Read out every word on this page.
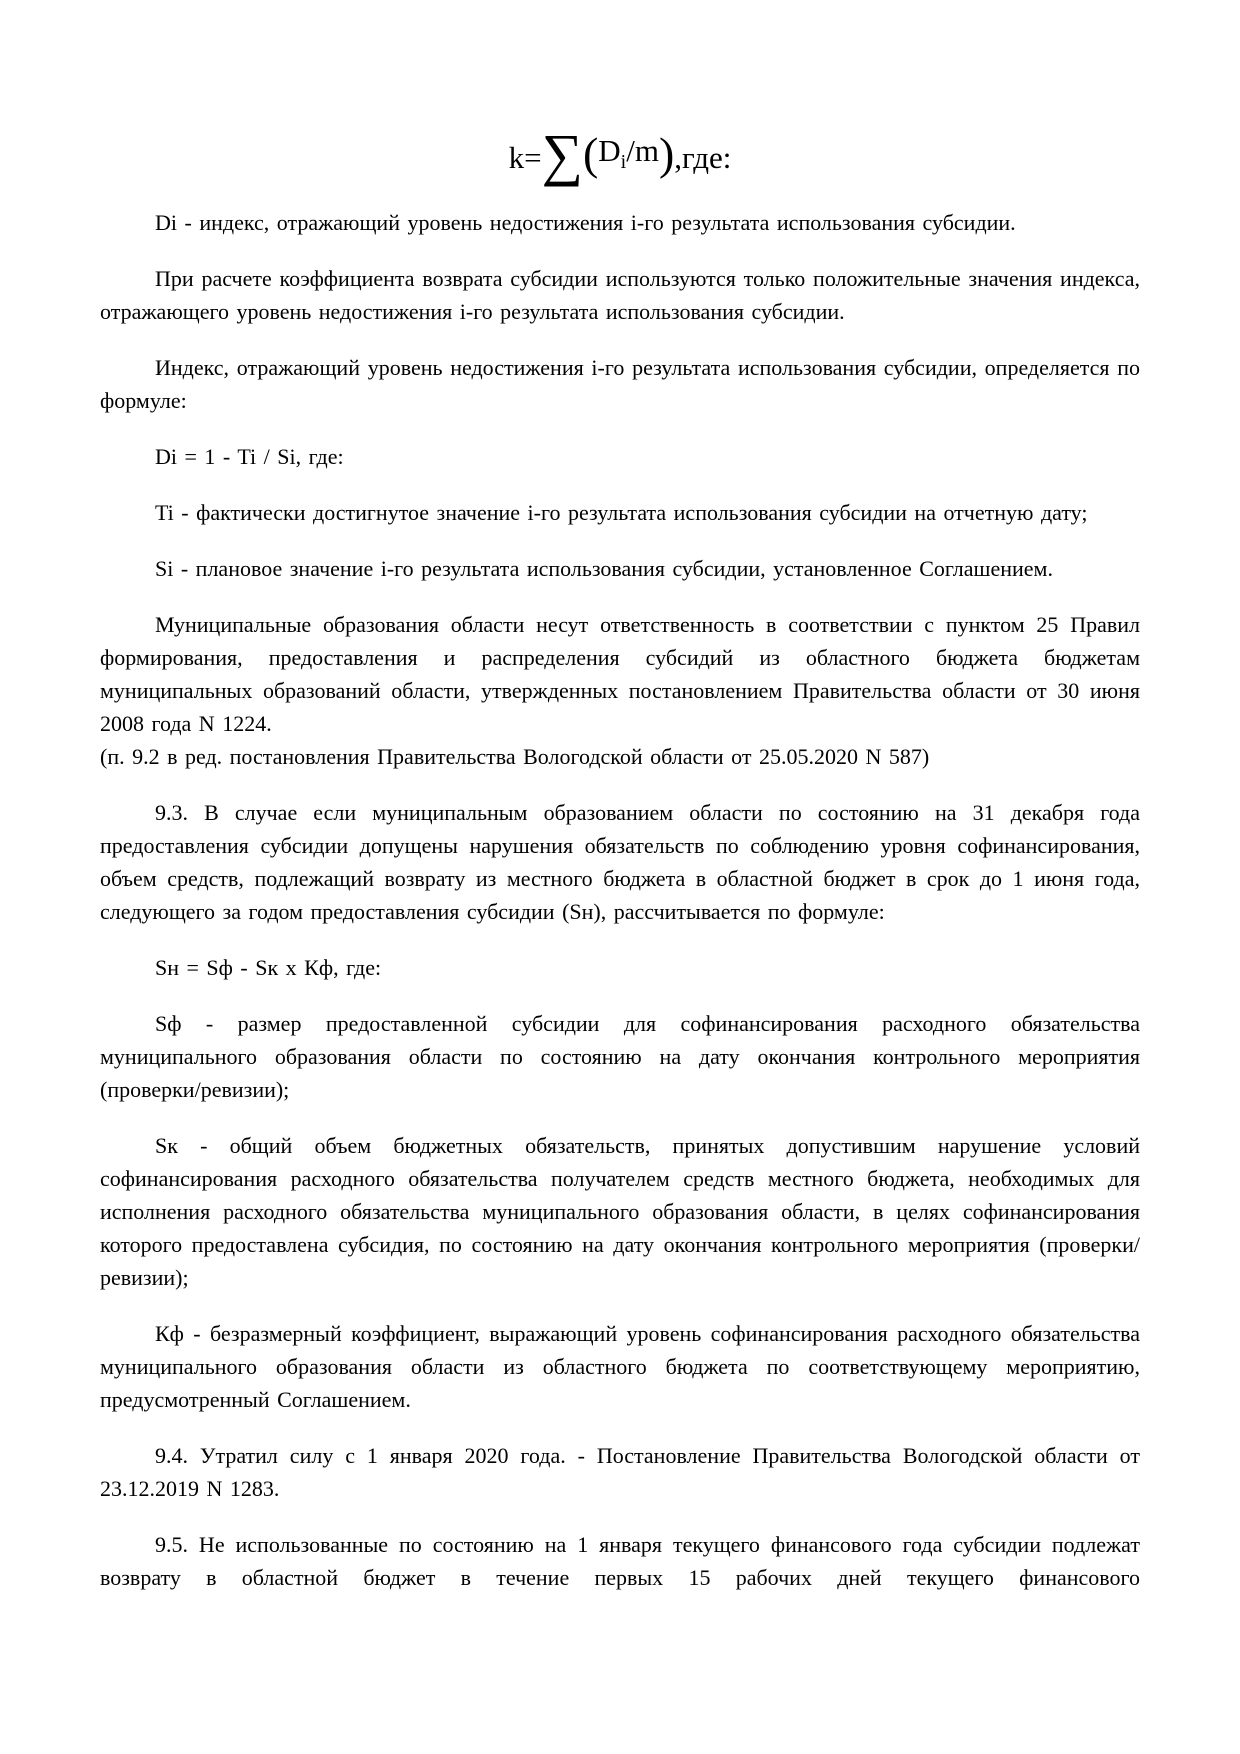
k= ∑ ( $D_i/m$ ) ,где:

Di - индекс, отражающий уровень недостижения i-го результата использования субсидии.

При расчете коэффициента возврата субсидии используются только положительные значения индекса, отражающего уровень недостижения i-го результата использования субсидии.

Индекс, отражающий уровень недостижения i-го результата использования субсидии, определяется по формуле:

Di = 1 - Ti / Si, где:

Ti - фактически достигнутое значение i-го результата использования субсидии на отчетную дату;

Si - плановое значение i-го результата использования субсидии, установленное Соглашением.

Муниципальные образования области несут ответственность в соответствии с пунктом 25 Правил формирования, предоставления и распределения субсидий из областного бюджета бюджетам муниципальных образований области, утвержденных постановлением Правительства области от 30 июня 2008 года N 1224.

(п. 9.2 в ред. постановления Правительства Вологодской области от 25.05.2020 N 587)

9.3. В случае если муниципальным образованием области по состоянию на 31 декабря года предоставления субсидии допущены нарушения обязательств по соблюдению уровня софинансирования, объем средств, подлежащий возврату из местного бюджета в областной бюджет в срок до 1 июня года, следующего за годом предоставления субсидии (Sн), рассчитывается по формуле:

Sн = Sф - Sк x Кф, где:

Sф - размер предоставленной субсидии для софинансирования расходного обязательства муниципального образования области по состоянию на дату окончания контрольного мероприятия (проверки/ревизии);

Sк - общий объем бюджетных обязательств, принятых допустившим нарушение условий софинансирования расходного обязательства получателем средств местного бюджета, необходимых для исполнения расходного обязательства муниципального образования области, в целях софинансирования которого предоставлена субсидия, по состоянию на дату окончания контрольного мероприятия (проверки/ревизии);

Кф - безразмерный коэффициент, выражающий уровень софинансирования расходного обязательства муниципального образования области из областного бюджета по соответствующему мероприятию, предусмотренный Соглашением.

9.4. Утратил силу с 1 января 2020 года. - Постановление Правительства Вологодской области от 23.12.2019 N 1283.

9.5. Не использованные по состоянию на 1 января текущего финансового года субсидии подлежат возврату в областной бюджет в течение первых 15 рабочих дней текущего финансового
